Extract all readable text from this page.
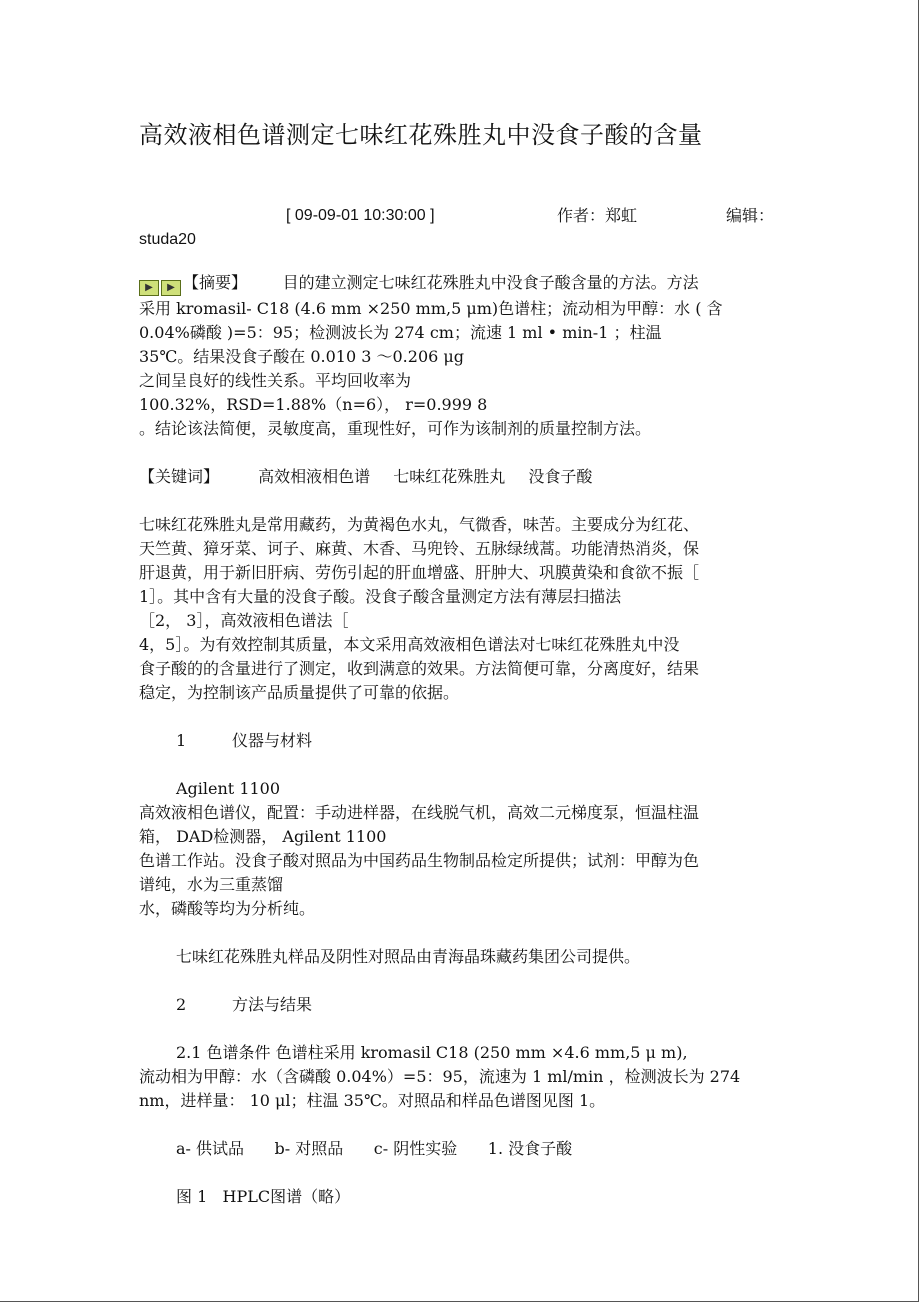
高效液相色谱测定七味红花殊胜丸中没食子酸的含量
[ 09-09-01 10:30:00 ]	作者：郑虹	编辑：
studa20

▶ ▶ 【摘要】 目的建立测定七味红花殊胜丸中没食子酸含量的方法。方法

采用 kromasil- C18 (4.6 mm ×250 mm,5 μm)色谱柱；流动相为甲醇：水 ( 含

0.04%磷酸 )=5：95；检测波长为 274 cm；流速 1 ml • min-1 ；柱温

35℃。结果没食子酸在 0.010 3 ～0.206 μg

之间呈良好的线性关系。平均回收率为

100.32%，RSD=1.88%（n=6）， r=0.999 8

。结论该法简便，灵敏度高，重现性好，可作为该制剂的质量控制方法。

【关键词】 高效相液相色谱 七味红花殊胜丸 没食子酸

七味红花殊胜丸是常用藏药，为黄褐色水丸，气微香，味苦。主要成分为红花、

天竺黄、獐牙菜、诃子、麻黄、木香、马兜铃、五脉绿绒蒿。功能清热消炎，保

肝退黄，用于新旧肝病、劳伤引起的肝血增盛、肝肿大、巩膜黄染和食欲不振［

1］。其中含有大量的没食子酸。没食子酸含量测定方法有薄层扫描法

［2， 3］，高效液相色谱法［

4，5］。为有效控制其质量，本文采用高效液相色谱法对七味红花殊胜丸中没

食子酸的的含量进行了测定，收到满意的效果。方法简便可靠，分离度好，结果

稳定，为控制该产品质量提供了可靠的依据。

1	仪器与材料

Agilent 1100

高效液相色谱仪，配置：手动进样器，在线脱气机，高效二元梯度泵，恒温柱温

箱， DAD检测器， Agilent 1100

色谱工作站。没食子酸对照品为中国药品生物制品检定所提供；试剂：甲醇为色

谱纯，水为三重蒸馏

水，磷酸等均为分析纯。

七味红花殊胜丸样品及阴性对照品由青海晶珠藏药集团公司提供。

2	方法与结果

2.1 色谱条件 色谱柱采用 kromasil C18 (250 mm ×4.6 mm,5 μ m),

流动相为甲醇：水（含磷酸 0.04%）=5：95，流速为 1 ml/min ，检测波长为 274

nm，进样量： 10 μl；柱温 35℃。对照品和样品色谱图见图 1。

a- 供试品      b- 对照品      c- 阴性实验      1. 没食子酸

图 1   HPLC图谱（略）
